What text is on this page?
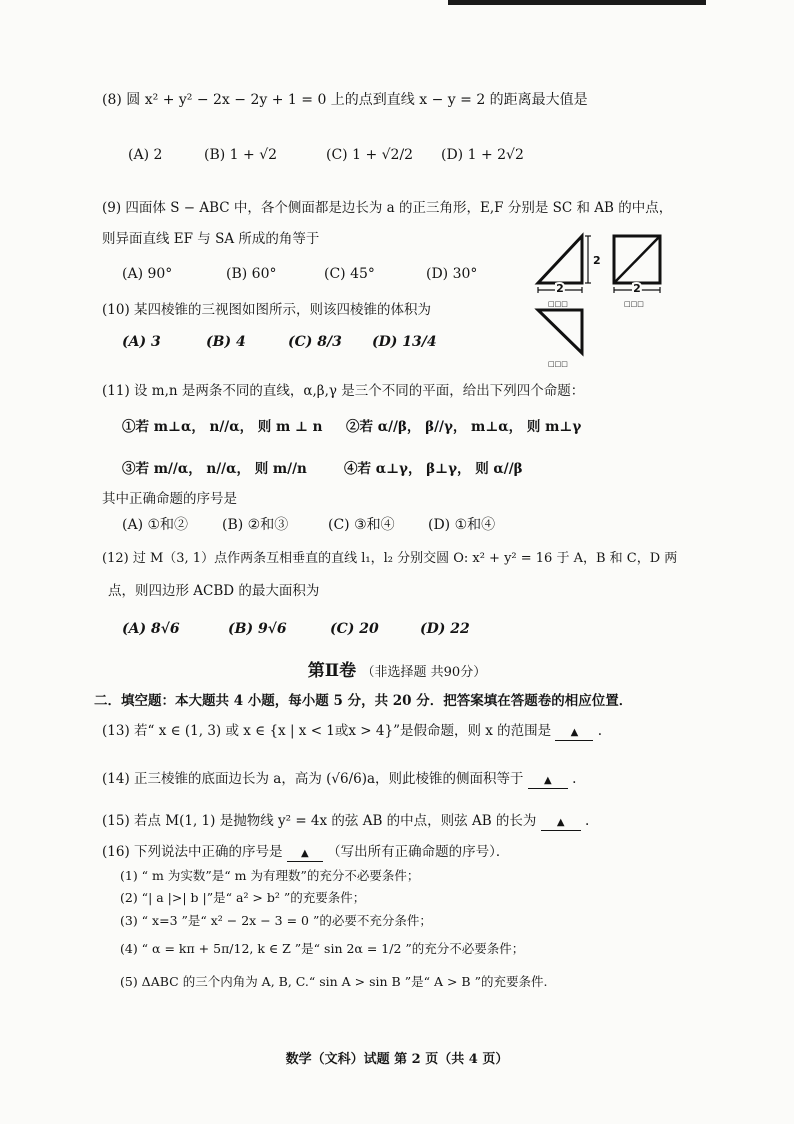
(8) 圆 x² + y² − 2x − 2y + 1 = 0 上的点到直线 x − y = 2 的距离最大值是
(A) 2	(B) 1 + √2	(C) 1 + √2/2 (D) 1 + 2√2
(9) 四面体 S − ABC 中，各个侧面都是边长为 a 的正三角形，E,F 分别是 SC 和 AB 的中点，
则异面直线 EF 与 SA 所成的角等于
(A) 90°	(B) 60°	(C) 45°	(D) 30°
(10) 某四棱锥的三视图如图所示，则该四棱锥的体积为
(A) 3	(B) 4	(C) 8/3 (D) 13/4
2
2
□□□
2
□□□
□□□
(11) 设 m,n 是两条不同的直线，α,β,γ 是三个不同的平面，给出下列四个命题：
①若 m⊥α， n//α， 则 m ⊥ n ②若 α//β， β//γ， m⊥α， 则 m⊥γ
③若 m//α， n//α， 则 m//n	④若 α⊥γ， β⊥γ， 则 α//β
其中正确命题的序号是
(A) ①和② (B) ②和③	(C) ③和④ (D) ①和④
(12) 过 M（3, 1）点作两条互相垂直的直线 l₁，l₂ 分别交圆 O: x² + y² = 16 于 A，B 和 C，D 两
点，则四边形 ACBD 的最大面积为
(A) 8√6	(B) 9√6	(C) 20	(D) 22
第Ⅱ卷 （非选择题 共90分）
二．填空题：本大题共 4 小题，每小题 5 分，共 20 分．把答案填在答题卷的相应位置．
(13) 若“ x ∈ (1, 3) 或 x ∈ {x | x < 1或x > 4}”是假命题，则 x 的范围是 ▲ .
(14) 正三棱锥的底面边长为 a，高为 (√6/6)a，则此棱锥的侧面积等于 ▲ .
(15) 若点 M(1, 1) 是抛物线 y² = 4x 的弦 AB 的中点，则弦 AB 的长为 ▲ .
(16) 下列说法中正确的序号是 ▲ （写出所有正确命题的序号）．
(1) “ m 为实数”是“ m 为有理数”的充分不必要条件；
(2) “| a |>| b |”是“ a² > b² ”的充要条件；
(3) “ x=3 ”是“ x² − 2x − 3 = 0 ”的必要不充分条件；
(4) “ α = kπ + 5π/12, k ∈ Z ”是“ sin 2α = 1/2 ”的充分不必要条件；
(5) ΔABC 的三个内角为 A, B, C.“ sin A > sin B ”是“ A > B ”的充要条件.
数学（文科）试题 第 2 页（共 4 页）
